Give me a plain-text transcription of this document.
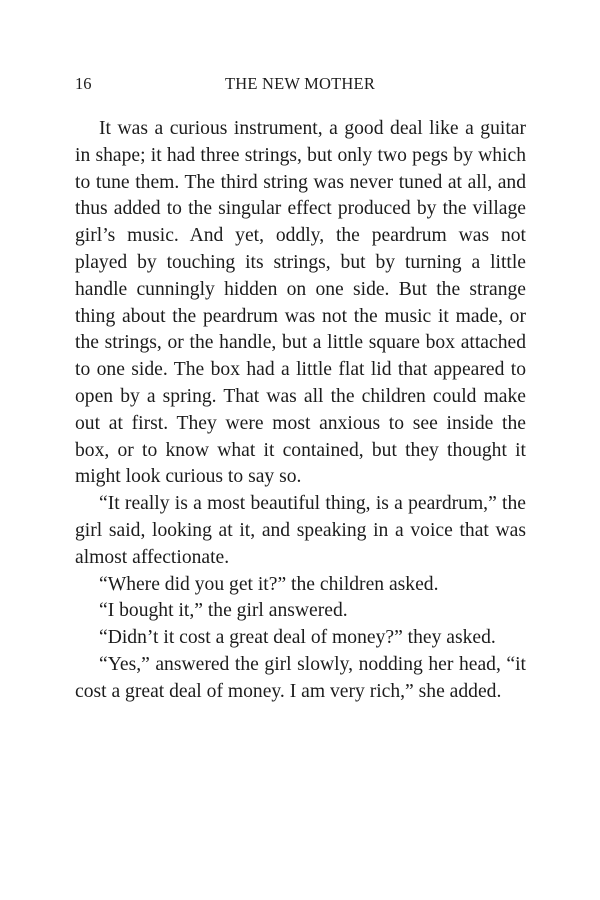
16	THE NEW MOTHER

It was a curious instrument, a good deal like a guitar in shape; it had three strings, but only two pegs by which to tune them. The third string was never tuned at all, and thus added to the singular effect produced by the village girl’s music. And yet, oddly, the peardrum was not played by touching its strings, but by turning a little handle cunningly hidden on one side. But the strange thing about the peardrum was not the music it made, or the strings, or the handle, but a little square box attached to one side. The box had a little flat lid that appeared to open by a spring. That was all the children could make out at first. They were most anxious to see inside the box, or to know what it contained, but they thought it might look curious to say so.

“It really is a most beautiful thing, is a peardrum,” the girl said, looking at it, and speaking in a voice that was almost affectionate.

“Where did you get it?” the children asked.

“I bought it,” the girl answered.

“Didn’t it cost a great deal of money?” they asked.

“Yes,” answered the girl slowly, nodding her head, “it cost a great deal of money. I am very rich,” she added.
